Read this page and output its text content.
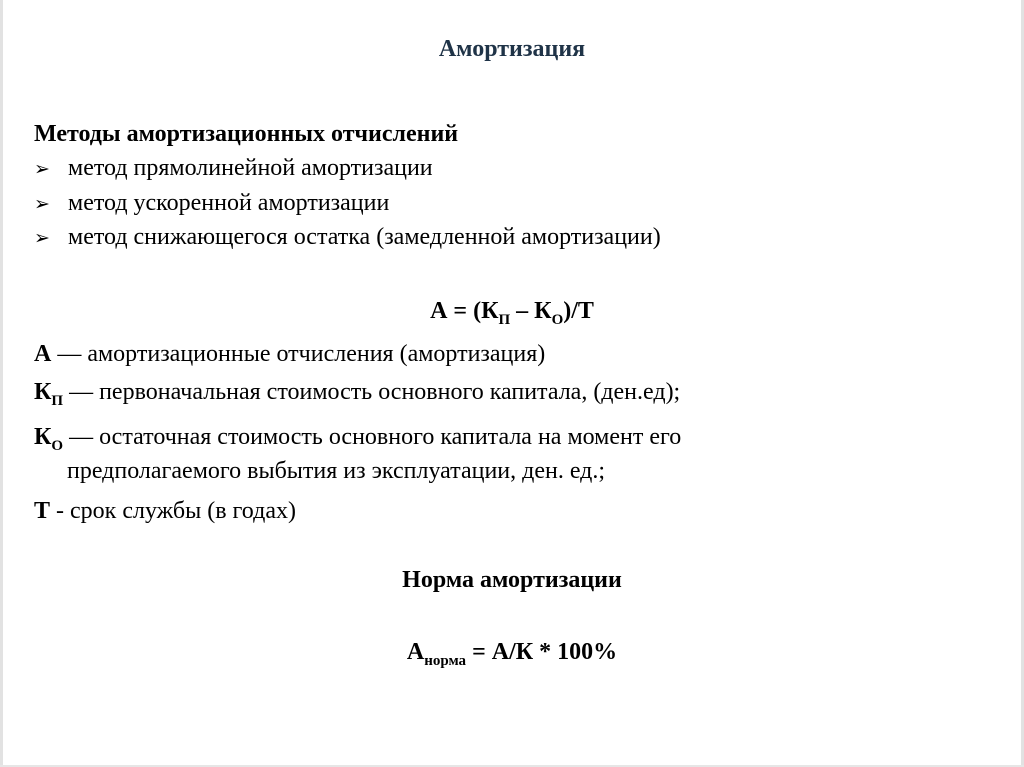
Амортизация
Методы амортизационных отчислений
➢ метод прямолинейной амортизации
➢ метод ускоренной амортизации
➢ метод снижающегося остатка (замедленной амортизации)
$А = (К_П - К_О)/Т$
А — амортизационные отчисления (амортизация)
$К_П$ — первоначальная стоимость основного капитала, (ден.ед);
$К_О$ — остаточная стоимость основного капитала на момент его
предполагаемого выбытия из эксплуатации, ден. ед.;
Т - срок службы (в годах)
Норма амортизации
$А_{норма} = А/К * 100\%$
